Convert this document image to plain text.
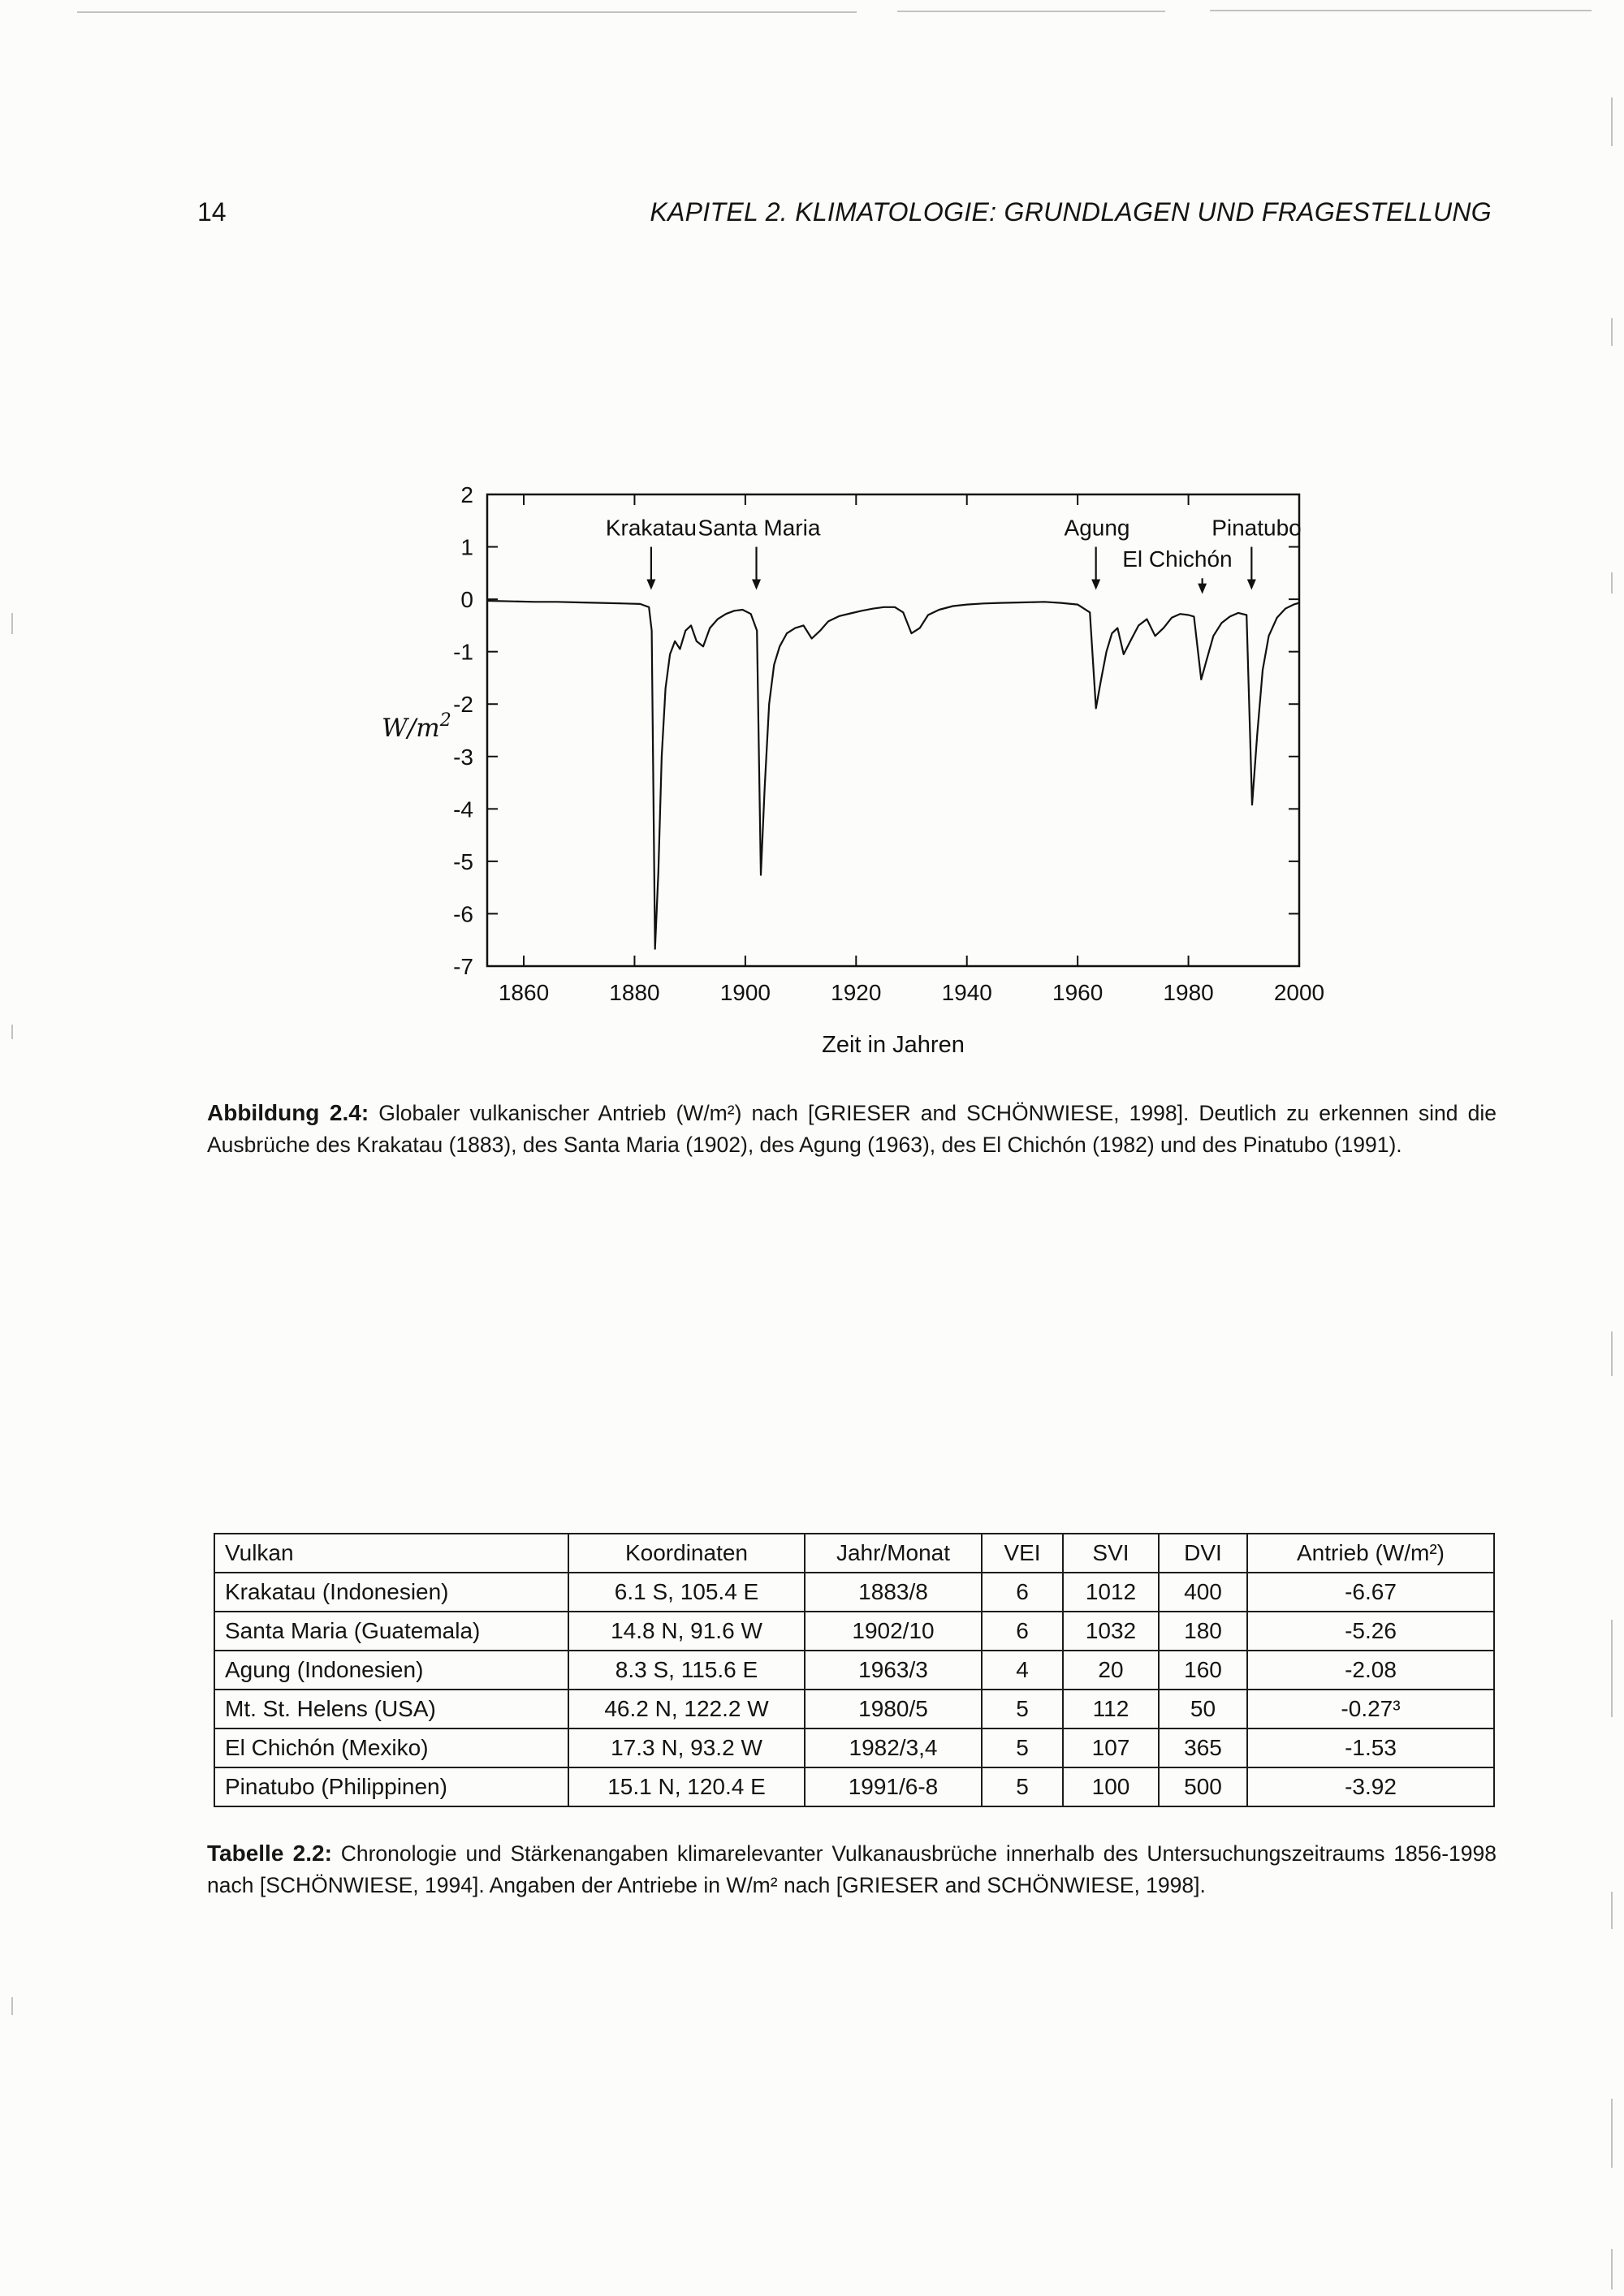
14	KAPITEL 2. KLIMATOLOGIE: GRUNDLAGEN UND FRAGESTELLUNG
1860	1880	1900	1920	1940	1960	1980	2000
2
1
0
-1
-2
-3
-4
-5
-6
-7
Krakatau Santa Maria	Agung
El Chichón
Pinatubo
$W/m^2$
Zeit in Jahren

Abbildung 2.4: Globaler vulkanischer Antrieb (W/m²) nach [GRIESER and SCHÖNWIESE, 1998]. Deutlich zu erkennen sind die Ausbrüche des Krakatau (1883), des Santa Maria (1902), des Agung (1963), des El Chichón (1982) und des Pinatubo (1991).

Vulkan	Koordinaten	Jahr/Monat	VEI	SVI	DVI	Antrieb (W/m²)
Krakatau (Indonesien)	6.1 S, 105.4 E	1883/8	6	1012	400	-6.67
Santa Maria (Guatemala)	14.8 N, 91.6 W	1902/10	6	1032	180	-5.26
Agung (Indonesien)	8.3 S, 115.6 E	1963/3	4	20	160	-2.08
Mt. St. Helens (USA)	46.2 N, 122.2 W	1980/5	5	112	50	-0.27³
El Chichón (Mexiko)	17.3 N, 93.2 W	1982/3,4	5	107	365	-1.53
Pinatubo (Philippinen)	15.1 N, 120.4 E	1991/6-8	5	100	500	-3.92

Tabelle 2.2: Chronologie und Stärkenangaben klimarelevanter Vulkanausbrüche innerhalb des Untersuchungszeitraums 1856-1998 nach [SCHÖNWIESE, 1994]. Angaben der Antriebe in W/m² nach [GRIESER and SCHÖNWIESE, 1998].
